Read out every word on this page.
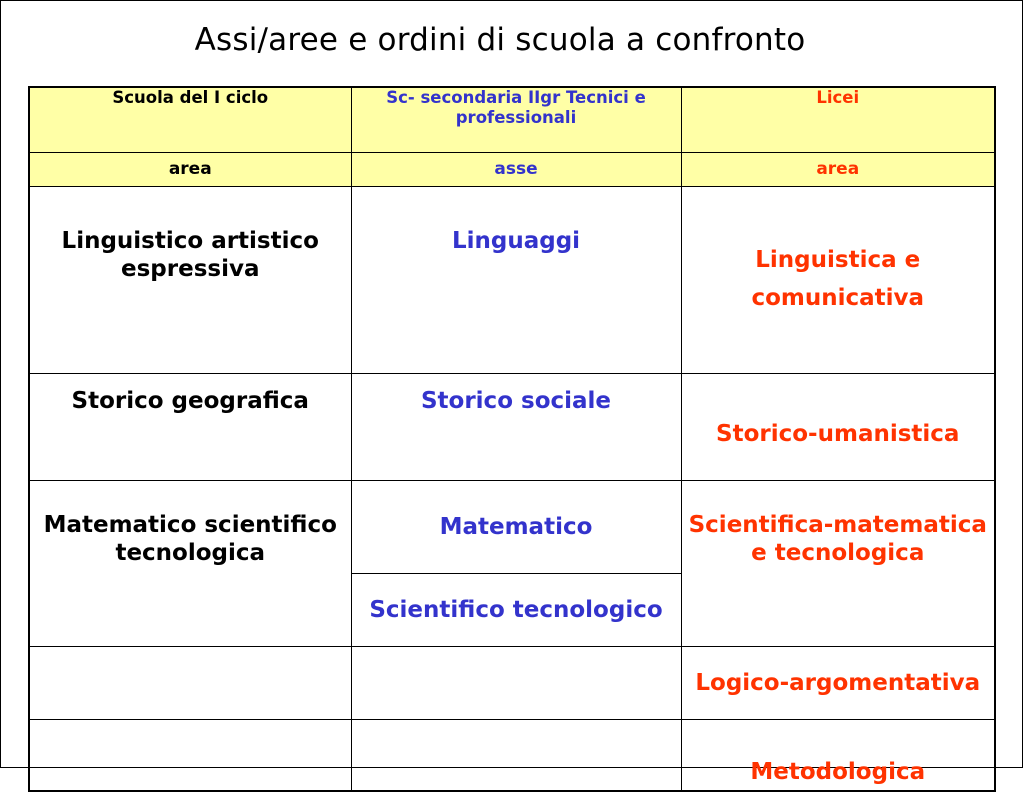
Assi/aree e ordini di scuola a confronto
Scuola del I ciclo	Sc- secondaria IIgr Tecnici e professionali	Licei
area	asse	area
Linguistico artistico espressiva	Linguaggi	Linguistica e
comunicativa

Storico geografica	Storico sociale	Storico-umanistica
Matematico scientifico tecnologica	Matematico	Scientifica-matematica e tecnologica
	Scientifico tecnologico	
		Logico-argomentativa
		Metodologica
